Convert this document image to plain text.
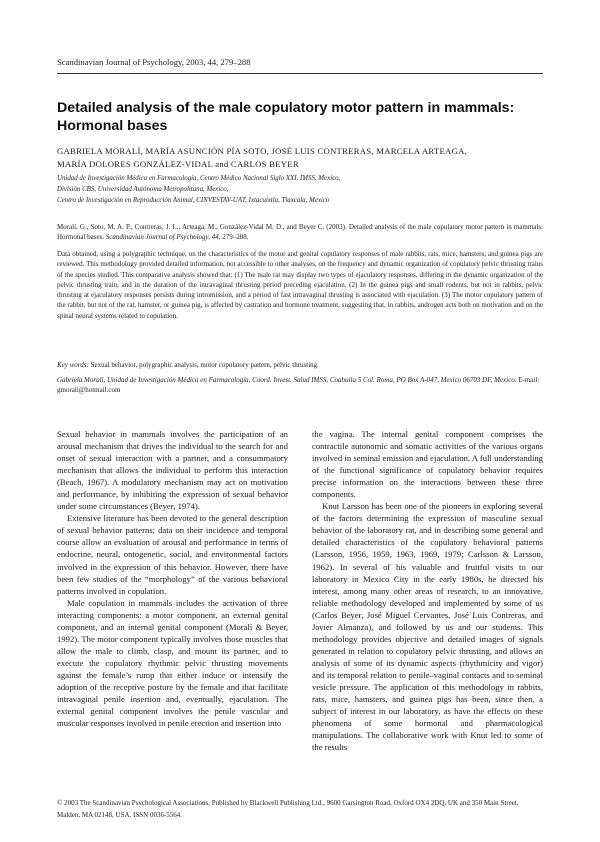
Scandinavian Journal of Psychology, 2003, 44, 279–288
Detailed analysis of the male copulatory motor pattern in mammals: Hormonal bases
GABRIELA MORALÍ, MARÍA ASUNCIÓN PÍA SOTO, JOSÉ LUIS CONTRERAS, MARCELA ARTEAGA,
MARÍA DOLORES GONZÁLEZ-VIDAL and CARLOS BEYER
Unidad de Investigación Médica en Farmacología, Centro Médico Nacional Siglo XXI, IMSS, Mexico,
División CBS, Universidad Autónoma Metropolitana, Mexico,
Centro de Investigación en Reproducción Animal, CINVESTAV-UAT, Ixtacuixtla, Tlaxcala, Mexico

Moralí, G., Soto, M. A. P., Contreras, J. L., Arteaga, M., González-Vidal M. D., and Beyer C. (2003). Detailed analysis of the male copulatory motor pattern in mammals: Hormonal bases. Scandinavian Journal of Psychology, 44, 279–288.

Data obtained, using a polygraphic technique, on the characteristics of the motor and genital copulatory responses of male rabbits, rats, mice, hamsters, and guinea pigs are reviewed. This methodology provided detailed information, not accessible to other analyses, on the frequency and dynamic organization of copulatory pelvic thrusting trains of the species studied. This comparative analysis showed that: (1) The male rat may display two types of ejaculatory responses, differing in the dynamic organization of the pelvic thrusting train, and in the duration of the intravaginal thrusting period preceding ejaculation. (2) In the guinea pigs and small rodents, but not in rabbits, pelvic thrusting at ejaculatory responses persists during intromission, and a period of fast intravaginal thrusting is associated with ejaculation. (3) The motor copulatory pattern of the rabbit, but not of the rat, hamster, or guinea pig, is affected by castration and hormone treatment, suggesting that, in rabbits, androgen acts both on motivation and on the spinal neural systems related to copulation.

Key words: Sexual behavior, polygraphic analysis, motor copulatory pattern, pelvic thrusting.

Gabriela Moralí, Unidad de Investigación Médica en Farmacología, Coord. Invest. Salud IMSS, Coahuila 5 Col. Roma, PO Box A-047, Mexico 06703 DF, Mexico. E-mail: gmorali@hotmail.com

Sexual behavior in mammals involves the participation of an arousal mechanism that drives the individual to the search for and onset of sexual interaction with a partner, and a consummatory mechanism that allows the individual to perform this interaction (Beach, 1967). A modulatory mechanism may act on motivation and performance, by inhibiting the expression of sexual behavior under some circumstances (Beyer, 1974).

Extensive literature has been devoted to the general description of sexual behavior patterns; data on their incidence and temporal course allow an evaluation of arousal and performance in terms of endocrine, neural, ontogenetic, social, and environmental factors involved in the expression of this behavior. However, there have been few studies of the “morphology” of the various behavioral patterns involved in copulation.

Male copulation in mammals includes the activation of three interacting components: a motor component, an external genital component, and an internal genital component (Moralí & Beyer, 1992). The motor component typically involves those muscles that allow the male to climb, clasp, and mount its partner, and to execute the copulatory rhythmic pelvic thrusting movements against the female’s rump that either induce or intensify the adoption of the receptive posture by the female and that facilitate intravaginal penile insertion and, eventually, ejaculation. The external genital component involves the penile vascular and muscular responses involved in penile erection and insertion into

the vagina. The internal genital component comprises the contractile autonomic and somatic activities of the various organs involved in seminal emission and ejaculation. A full understanding of the functional significance of copulatory behavior requires precise information on the interactions between these three components.

Knut Larsson has been one of the pioneers in exploring several of the factors determining the expression of masculine sexual behavior of the laboratory rat, and in describing some general and detailed characteristics of the copulatory behavioral patterns (Larsson, 1956, 1959, 1963, 1969, 1979; Carlsson & Larsson, 1962). In several of his valuable and fruitful visits to our laboratory in Mexico City in the early 1980s, he directed his interest, among many other areas of research, to an innovative, reliable methodology developed and implemented by some of us (Carlos Beyer, José Miguel Cervantes, José Luis Contreras, and Javier Almanza), and followed by us and our students. This methodology provides objective and detailed images of signals generated in relation to copulatory pelvic thrusting, and allows an analysis of some of its dynamic aspects (rhythmicity and vigor) and its temporal relation to penile–vaginal contacts and to seminal vesicle pressure. The application of this methodology in rabbits, rats, mice, hamsters, and guinea pigs has been, since then, a subject of interest in our laboratory, as have the effects on these phenomena of some hormonal and pharmacological manipulations. The collaborative work with Knut led to some of the results

© 2003 The Scandinavian Psychological Associations. Published by Blackwell Publishing Ltd., 9600 Garsington Road, Oxford OX4 2DQ, UK and 350 Main Street, Malden, MA 02148, USA. ISSN 0036-5564.
